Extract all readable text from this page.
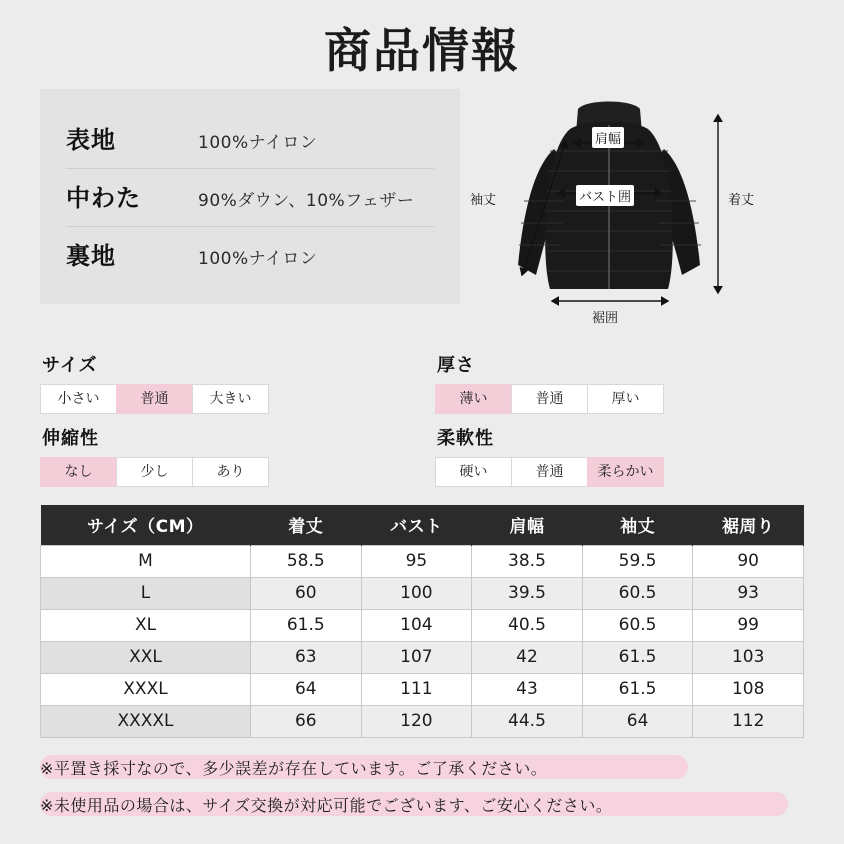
商品情報
表地	100%ナイロン
中わた	90%ダウン、10%フェザー
裏地	100%ナイロン
肩幅
バスト囲
袖丈	着丈
裾囲
サイズ
小さい	普通	大きい
伸縮性
なし	少し	あり
厚さ
薄い	普通	厚い
柔軟性
硬い	普通	柔らかい
サイズ（CM）	着丈	バスト	肩幅	袖丈	裾周り
M	58.5	95	38.5	59.5	90
L	60	100	39.5	60.5	93
XL	61.5	104	40.5	60.5	99
XXL	63	107	42	61.5	103
XXXL	64	111	43	61.5	108
XXXXL	66	120	44.5	64	112
※平置き採寸なので、多少誤差が存在しています。ご了承ください。
※未使用品の場合は、サイズ交換が対応可能でございます、ご安心ください。
